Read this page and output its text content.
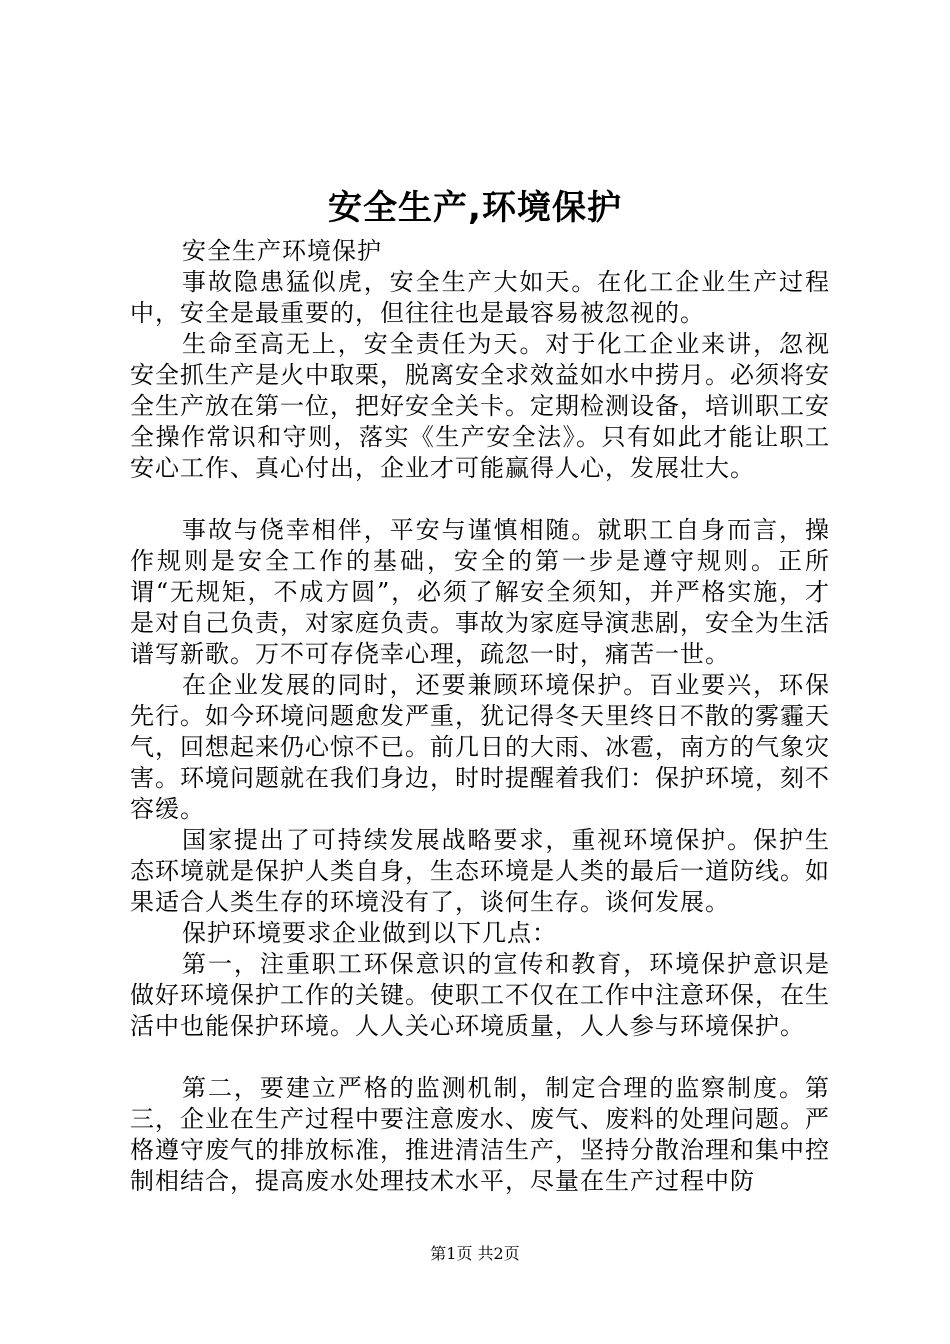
安全生产,环境保护

安全生产环境保护

事故隐患猛似虎，安全生产大如天。在化工企业生产过程中，安全是最重要的，但往往也是最容易被忽视的。

生命至高无上，安全责任为天。对于化工企业来讲，忽视安全抓生产是火中取栗，脱离安全求效益如水中捞月。必须将安全生产放在第一位，把好安全关卡。定期检测设备，培训职工安全操作常识和守则，落实《生产安全法》。只有如此才能让职工安心工作、真心付出，企业才可能赢得人心，发展壮大。

事故与侥幸相伴，平安与谨慎相随。就职工自身而言，操作规则是安全工作的基础，安全的第一步是遵守规则。正所谓“无规矩，不成方圆”，必须了解安全须知，并严格实施，才是对自己负责，对家庭负责。事故为家庭导演悲剧，安全为生活谱写新歌。万不可存侥幸心理，疏忽一时，痛苦一世。

在企业发展的同时，还要兼顾环境保护。百业要兴，环保先行。如今环境问题愈发严重，犹记得冬天里终日不散的雾霾天气，回想起来仍心惊不已。前几日的大雨、冰雹，南方的气象灾害。环境问题就在我们身边，时时提醒着我们：保护环境，刻不容缓。

国家提出了可持续发展战略要求，重视环境保护。保护生态环境就是保护人类自身，生态环境是人类的最后一道防线。如果适合人类生存的环境没有了，谈何生存。谈何发展。

保护环境要求企业做到以下几点：

第一，注重职工环保意识的宣传和教育，环境保护意识是做好环境保护工作的关键。使职工不仅在工作中注意环保，在生活中也能保护环境。人人关心环境质量，人人参与环境保护。

第二，要建立严格的监测机制，制定合理的监察制度。第三，企业在生产过程中要注意废水、废气、废料的处理问题。严格遵守废气的排放标准，推进清洁生产，坚持分散治理和集中控制相结合，提高废水处理技术水平，尽量在生产过程中防

第1页 共2页
